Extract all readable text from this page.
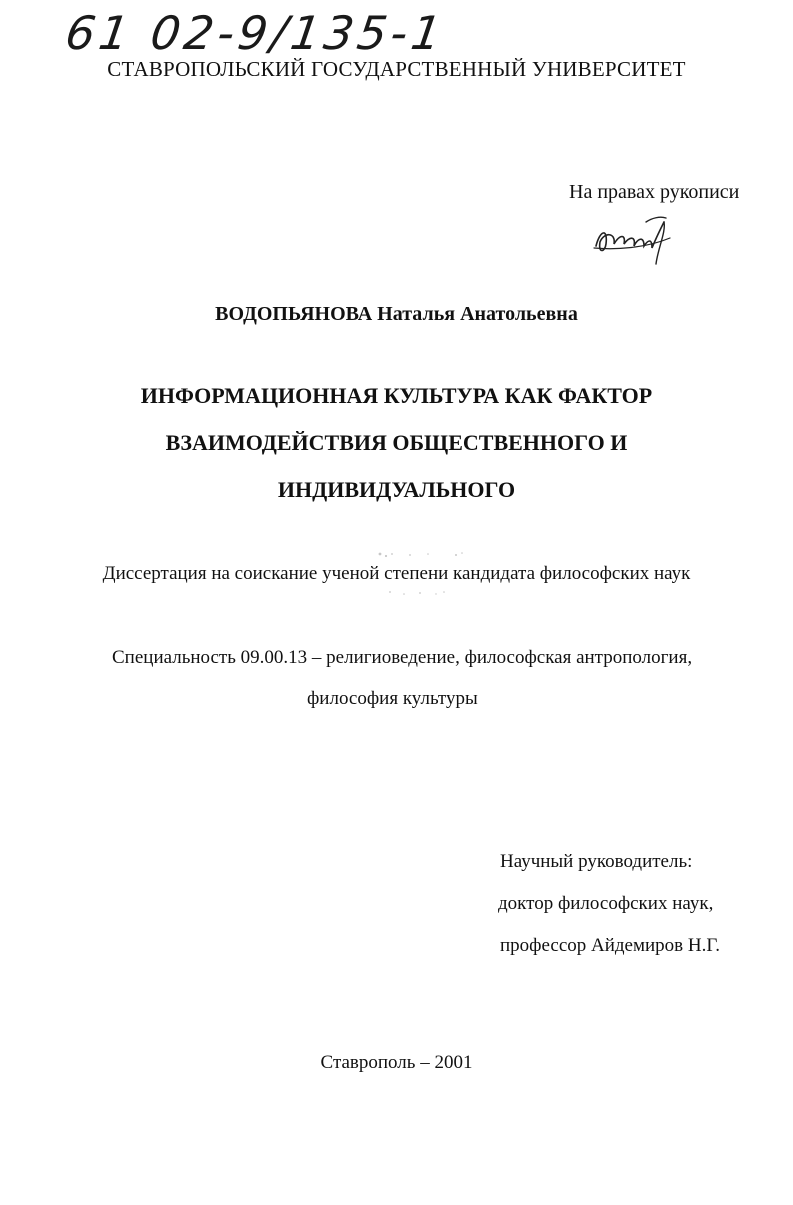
61 02-9/135-1
СТАВРОПОЛЬСКИЙ ГОСУДАРСТВЕННЫЙ УНИВЕРСИТЕТ
На правах рукописи
ВОДОПЬЯНОВА Наталья Анатольевна
ИНФОРМАЦИОННАЯ КУЛЬТУРА КАК ФАКТОР
ВЗАИМОДЕЙСТВИЯ ОБЩЕСТВЕННОГО И
ИНДИВИДУАЛЬНОГО
Диссертация на соискание ученой степени кандидата философских наук
Специальность 09.00.13 – религиоведение, философская антропология,
философия культуры
Научный руководитель:
доктор философских наук,
профессор Айдемиров Н.Г.
Ставрополь – 2001
